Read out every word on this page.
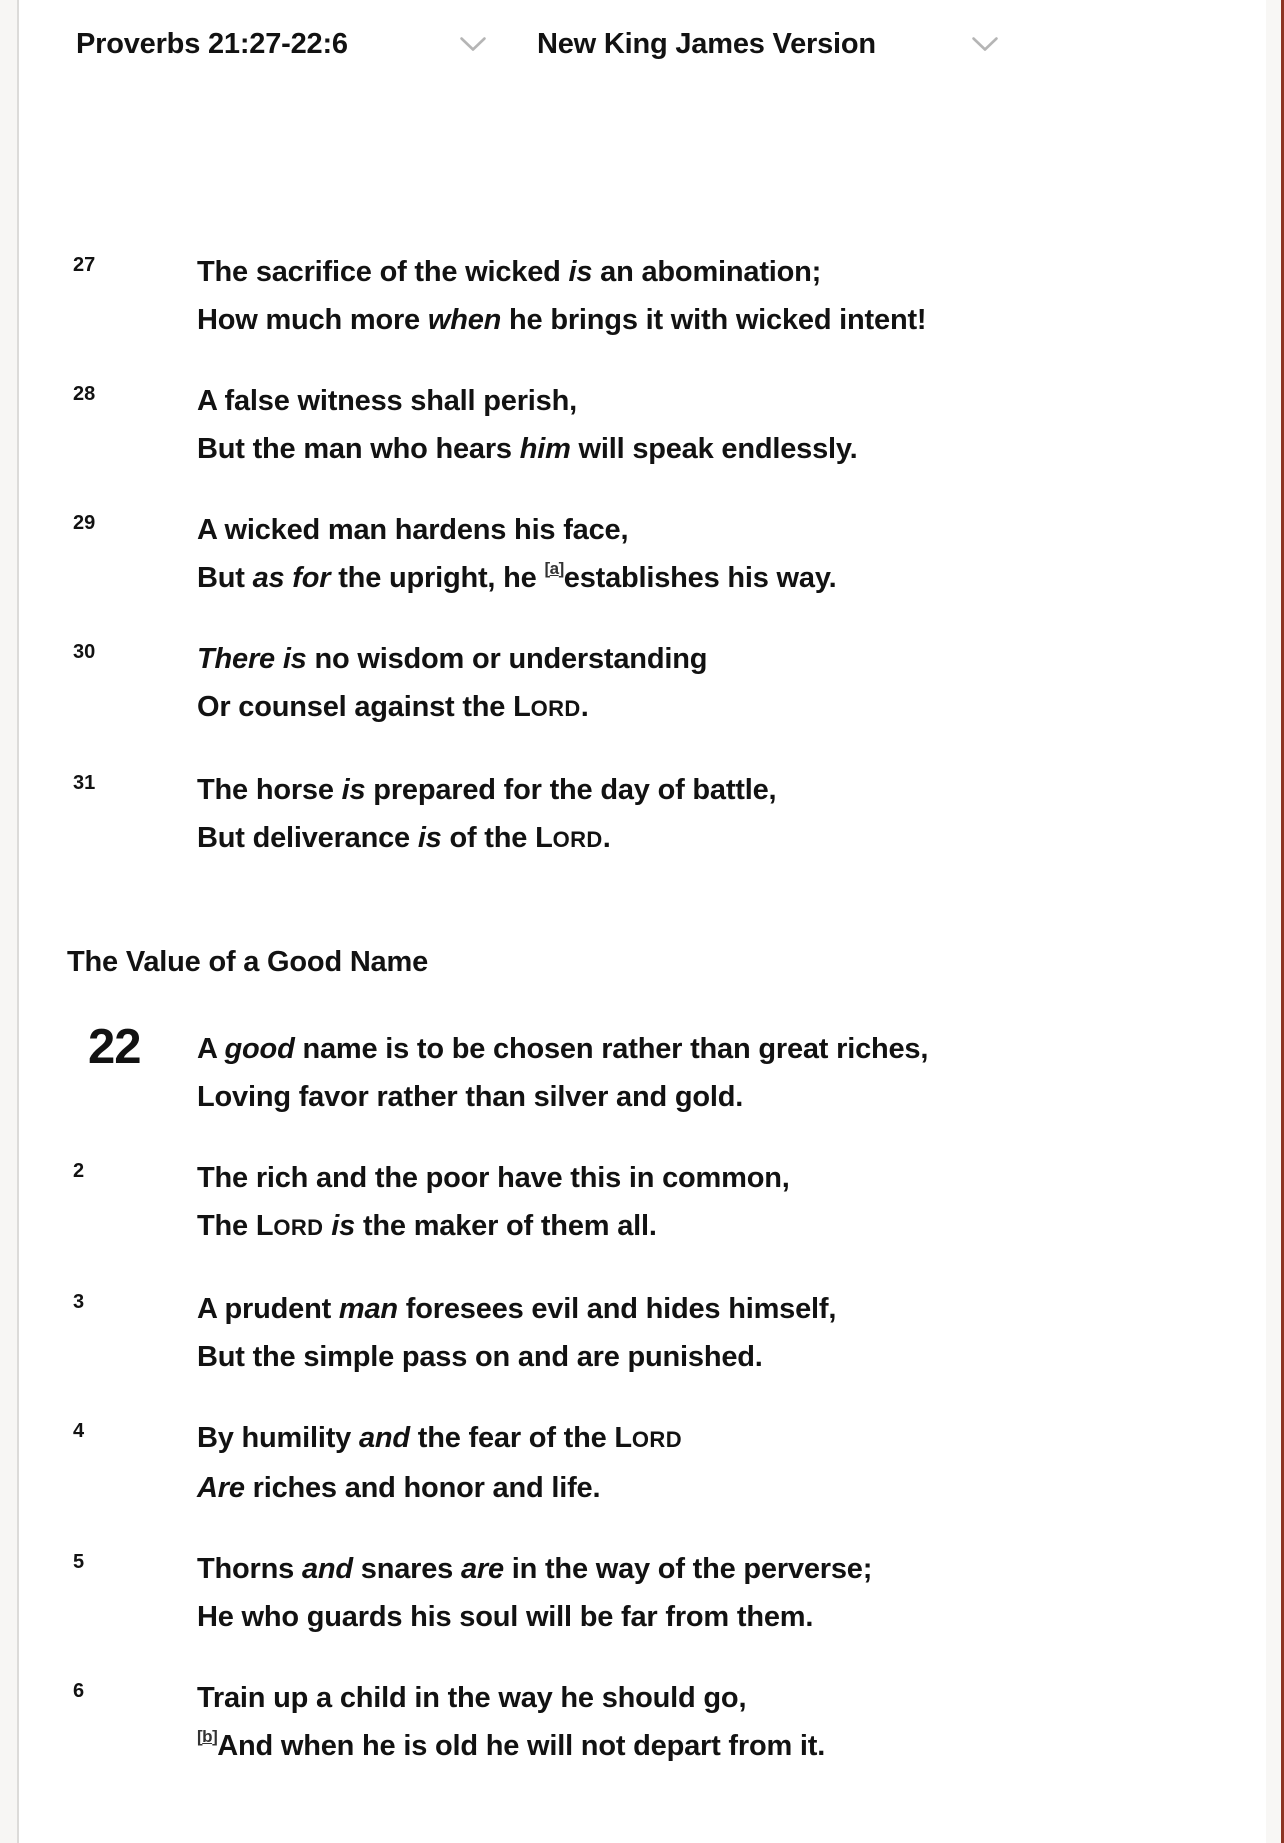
Proverbs 21:27-22:6	New King James Version
$^{27}$	The sacrifice of the wicked is an abomination;
How much more when he brings it with wicked intent!
$^{28}$	A false witness shall perish,
But the man who hears him will speak endlessly.
$^{29}$	A wicked man hardens his face,
But as for the upright, he [a]establishes his way.
$^{30}$	There is no wisdom or understanding
Or counsel against the LORD.
$^{31}$	The horse is prepared for the day of battle,
But deliverance is of the LORD.
The Value of a Good Name
22	A good name is to be chosen rather than great riches,
Loving favor rather than silver and gold.
$^2$	The rich and the poor have this in common,
The LORD is the maker of them all.
$^3$	A prudent man foresees evil and hides himself,
But the simple pass on and are punished.
$^4$	By humility and the fear of the LORD
Are riches and honor and life.
$^5$	Thorns and snares are in the way of the perverse;
He who guards his soul will be far from them.
$^6$	Train up a child in the way he should go,
[b]And when he is old he will not depart from it.
